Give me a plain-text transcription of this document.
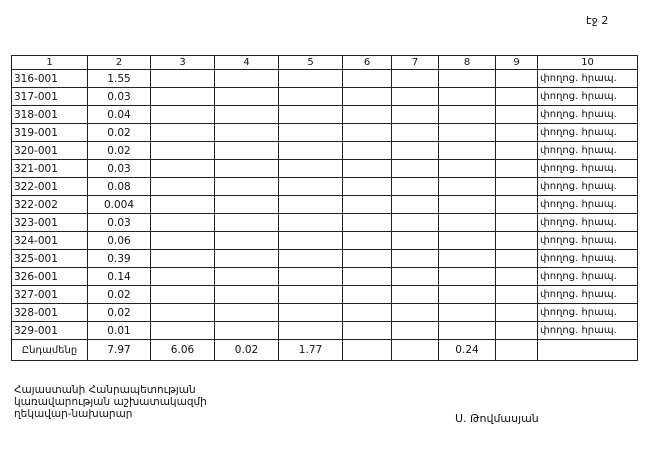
էջ 2
1	2	3	4	5	6	7	8	9	10
316-001	1.55								փողոց. հրապ.
317-001	0.03								փողոց. հրապ.
318-001	0.04								փողոց. հրապ.
319-001	0.02								փողոց. հրապ.
320-001	0.02								փողոց. հրապ.
321-001	0.03								փողոց. հրապ.
322-001	0.08								փողոց. հրապ.
322-002	0.004								փողոց. հրապ.
323-001	0.03								փողոց. հրապ.
324-001	0.06								փողոց. հրապ.
325-001	0.39								փողոց. հրապ.
326-001	0.14								փողոց. հրապ.
327-001	0.02								փողոց. հրապ.
328-001	0.02								փողոց. հրապ.
329-001	0.01								փողոց. հրապ.
Ընդամենը	7.97	6.06	0.02	1.77			0.24		
Հայաստանի Հանրապետության
կառավարության աշխատակազմի
ղեկավար-նախարար	Ս. Թովմասյան
